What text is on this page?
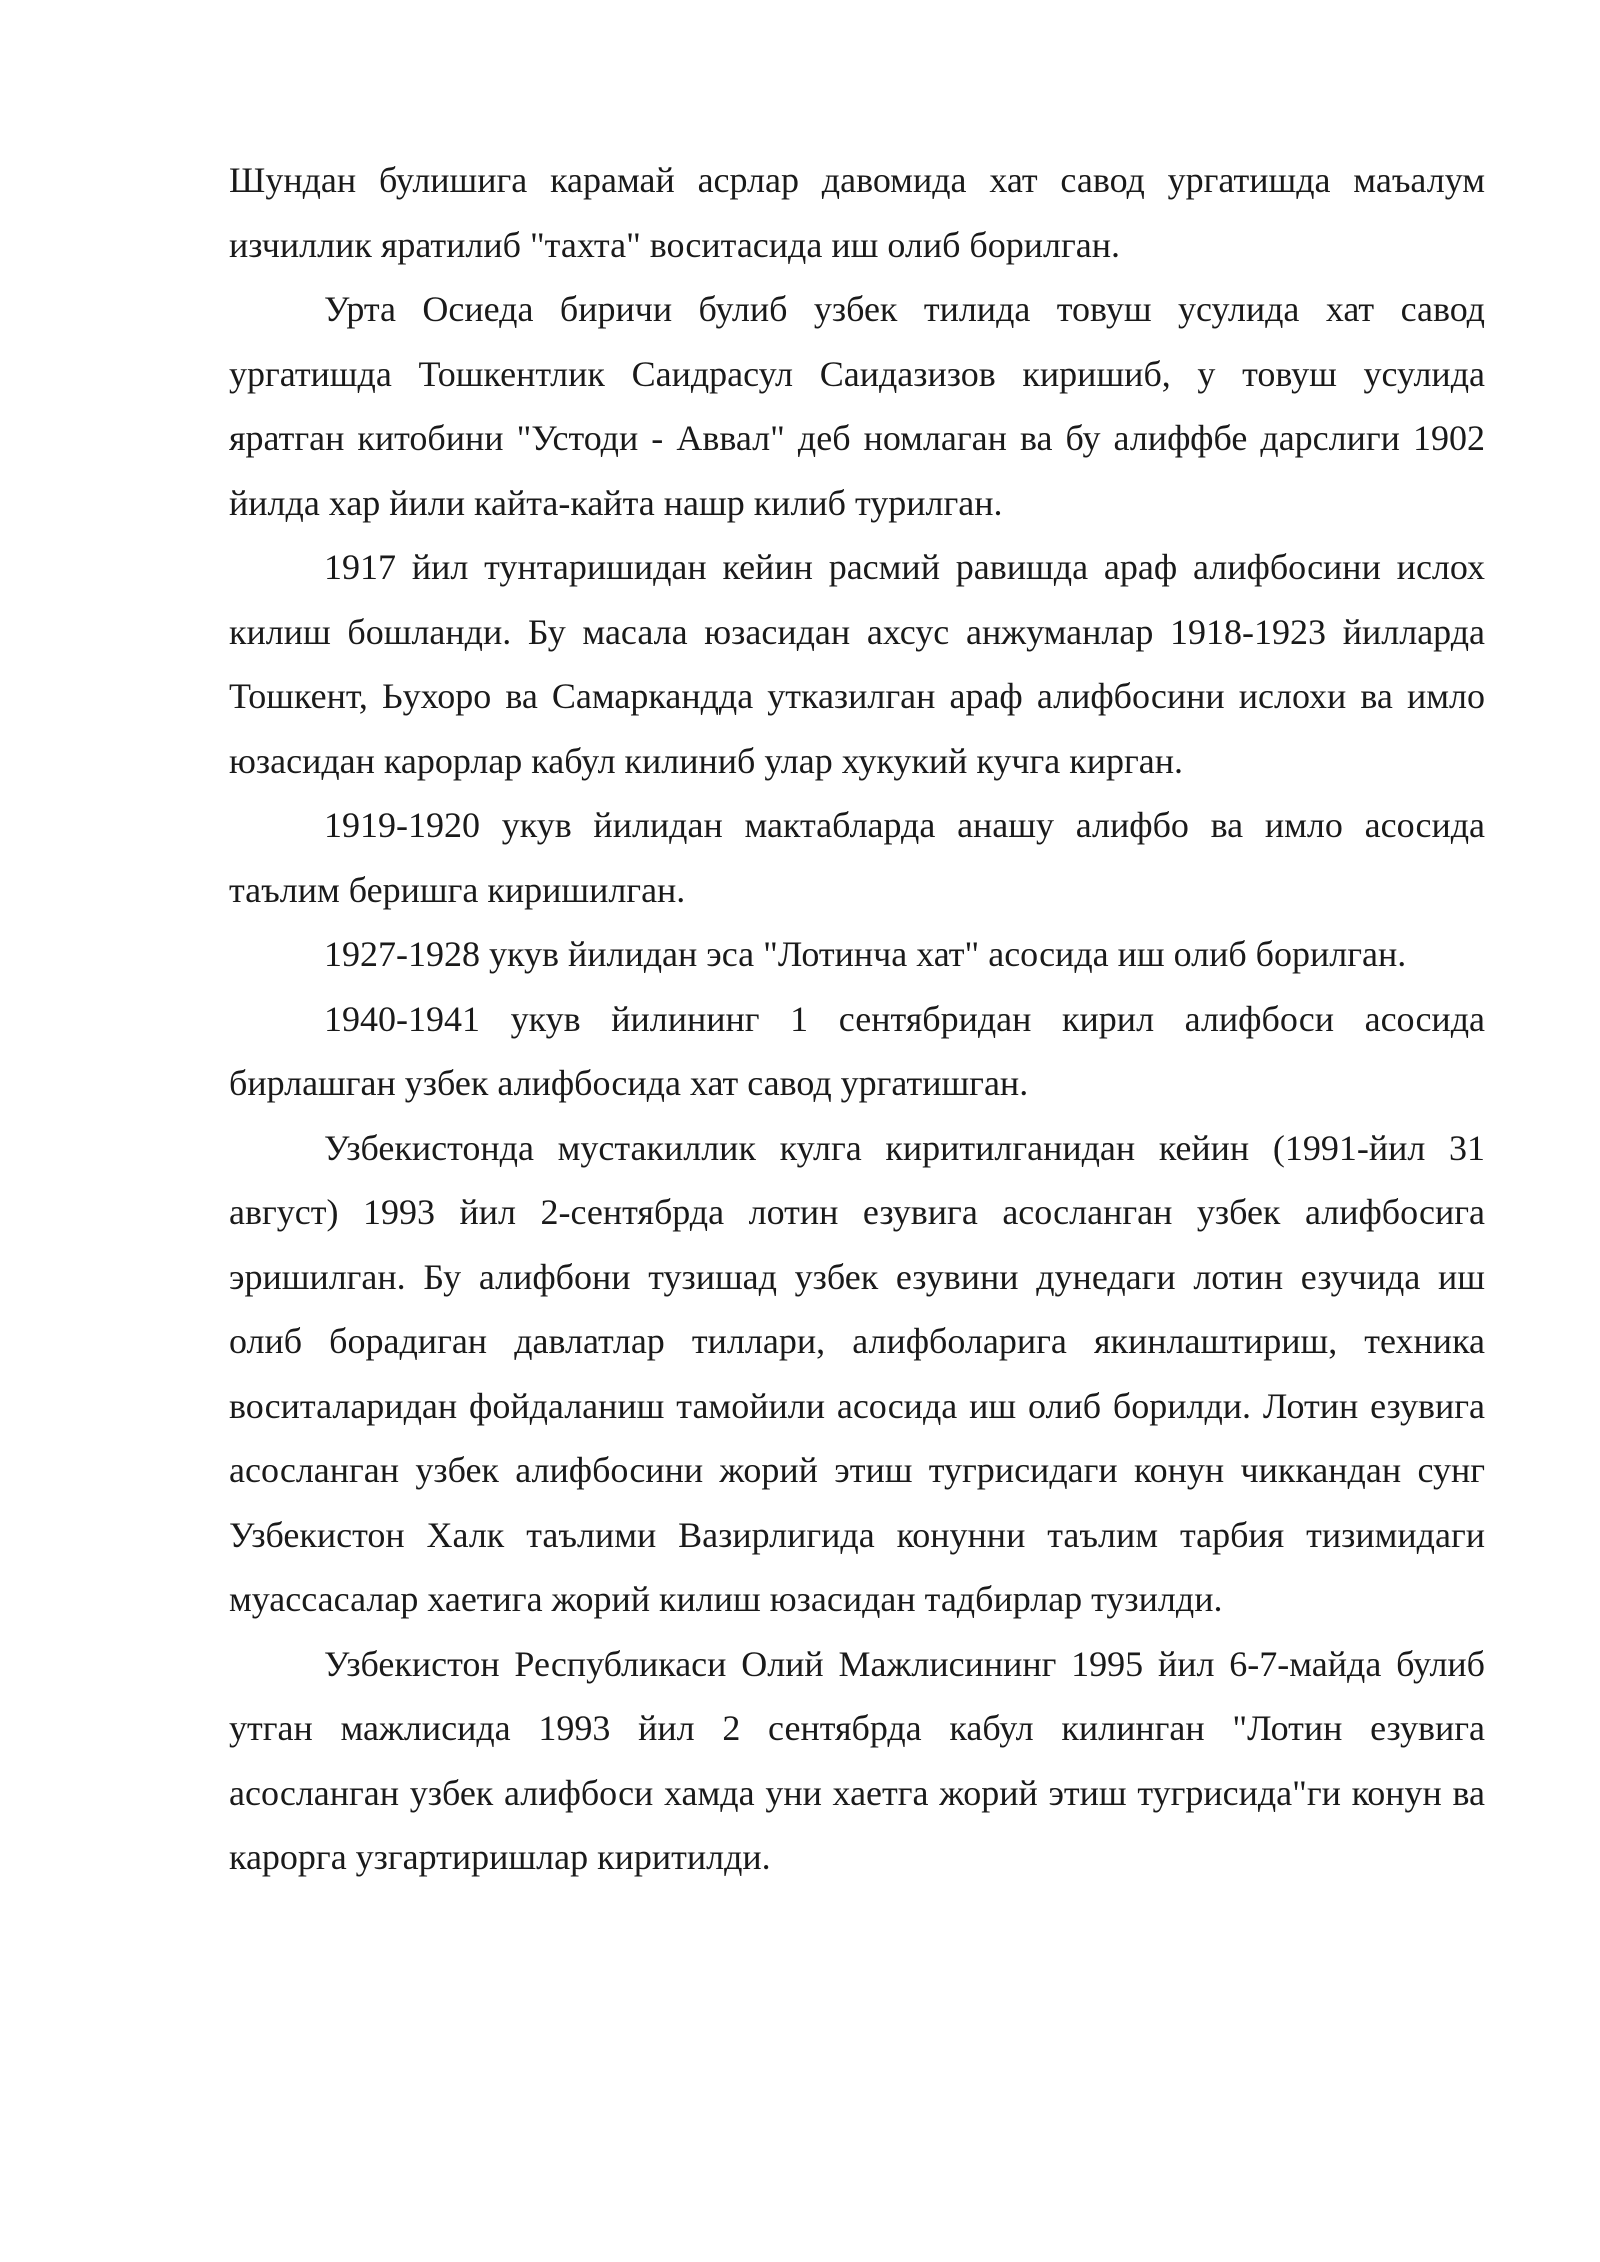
Шундан булишига карамай асрлар давомида хат савод ургатишда маъалум изчиллик яратилиб "тахта" воситасида иш олиб борилган.

Урта Осиеда биричи булиб узбек тилида товуш усулида хат савод ургатишда Тошкентлик Саидрасул Саидазизов киришиб, у товуш усулида яратган китобини "Устоди - Аввал" деб номлаган ва бу алиффбе дарслиги 1902 йилда хар йили кайта-кайта нашр килиб турилган.

1917 йил тунтаришидан кейин расмий равишда араф алифбосини ислох килиш бошланди. Бу масала юзасидан ахсус анжуманлар 1918-1923 йилларда Тошкент, Ьухоро ва Самаркандда утказилган араф алифбосини ислохи ва имло юзасидан карорлар кабул килиниб улар хукукий кучга кирган.

1919-1920 укув йилидан мактабларда анашу алифбо ва имло асосида таълим беришга киришилган.

1927-1928 укув йилидан эса "Лотинча хат" асосида иш олиб борилган.

1940-1941 укув йилининг 1 сентябридан кирил алифбоси асосида бирлашган узбек алифбосида хат савод ургатишган.

Узбекистонда мустакиллик кулга киритилганидан кейин (1991-йил 31 август) 1993 йил 2-сентябрда лотин езувига асосланган узбек алифбосига эришилган. Бу алифбони тузишад узбек езувини дунедаги лотин езучида иш олиб борадиган давлатлар тиллари, алифболарига якинлаштириш, техника воситаларидан фойдаланиш тамойили асосида иш олиб борилди. Лотин езувига асосланган узбек алифбосини жорий этиш тугрисидаги конун чиккандан сунг Узбекистон Халк таълими Вазирлигида конунни таълим тарбия тизимидаги муассасалар хаетига жорий килиш юзасидан тадбирлар тузилди.

Узбекистон Республикаси Олий Мажлисининг 1995 йил 6-7-майда булиб утган мажлисида 1993 йил 2 сентябрда кабул килинган "Лотин езувига асосланган узбек алифбоси хамда уни хаетга жорий этиш тугрисида"ги конун ва карорга узгартиришлар киритилди.
